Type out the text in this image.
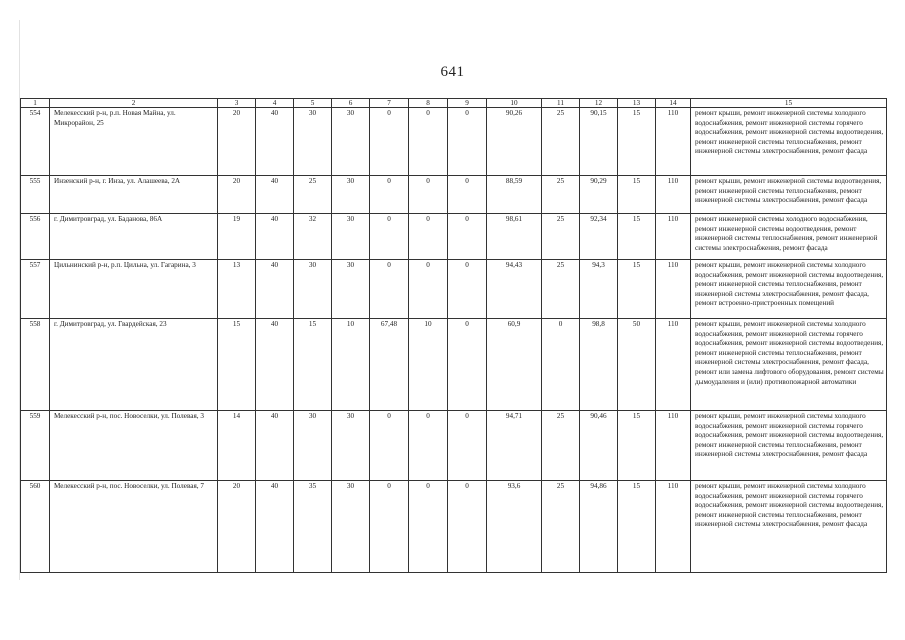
641
1	2	3	4	5	6	7	8	9	10	11	12	13	14	15
554	Мелекесский р-н, р.п. Новая Майна, ул. Микрорайон, 25	20	40	30	30	0	0	0	90,26	25	90,15	15	110	ремонт крыши, ремонт инженерной системы холодного водоснабжения, ремонт инженерной системы горячего водоснабжения, ремонт инженерной системы водоотведения, ремонт инженерной системы теплоснабжения, ремонт инженерной системы электроснабжения, ремонт фасада
555	Инзенский р-н, г. Инза, ул. Алашеева, 2А	20	40	25	30	0	0	0	88,59	25	90,29	15	110	ремонт крыши, ремонт инженерной системы водоотведения, ремонт инженерной системы теплоснабжения, ремонт инженерной системы электроснабжения, ремонт фасада
556	г. Димитровград, ул. Баданова, 86А	19	40	32	30	0	0	0	98,61	25	92,34	15	110	ремонт инженерной системы холодного водоснабжения, ремонт инженерной системы водоотведения, ремонт инженерной системы теплоснабжения, ремонт инженерной системы электроснабжения, ремонт фасада
557	Цильнинский р-н, р.п. Цильна, ул. Гагарина, 3	13	40	30	30	0	0	0	94,43	25	94,3	15	110	ремонт крыши, ремонт инженерной системы холодного водоснабжения, ремонт инженерной системы водоотведения, ремонт инженерной системы теплоснабжения, ремонт инженерной системы электроснабжения, ремонт фасада, ремонт встроенно-пристроенных помещений
558	г. Димитровград, ул. Гвардейская, 23	15	40	15	10	67,48	10	0	60,9	0	98,8	50	110	ремонт крыши, ремонт инженерной системы холодного водоснабжения, ремонт инженерной системы горячего водоснабжения, ремонт инженерной системы водоотведения, ремонт инженерной системы теплоснабжения, ремонт инженерной системы электроснабжения, ремонт фасада, ремонт или замена лифтового оборудования, ремонт системы дымоудаления и (или) противопожарной автоматики
559	Мелекесский р-н, пос. Новоселки, ул. Полевая, 3	14	40	30	30	0	0	0	94,71	25	90,46	15	110	ремонт крыши, ремонт инженерной системы холодного водоснабжения, ремонт инженерной системы горячего водоснабжения, ремонт инженерной системы водоотведения, ремонт инженерной системы теплоснабжения, ремонт инженерной системы электроснабжения, ремонт фасада
560	Мелекесский р-н, пос. Новоселки, ул. Полевая, 7	20	40	35	30	0	0	0	93,6	25	94,86	15	110	ремонт крыши, ремонт инженерной системы холодного водоснабжения, ремонт инженерной системы горячего водоснабжения, ремонт инженерной системы водоотведения, ремонт инженерной системы теплоснабжения, ремонт инженерной системы электроснабжения, ремонт фасада
